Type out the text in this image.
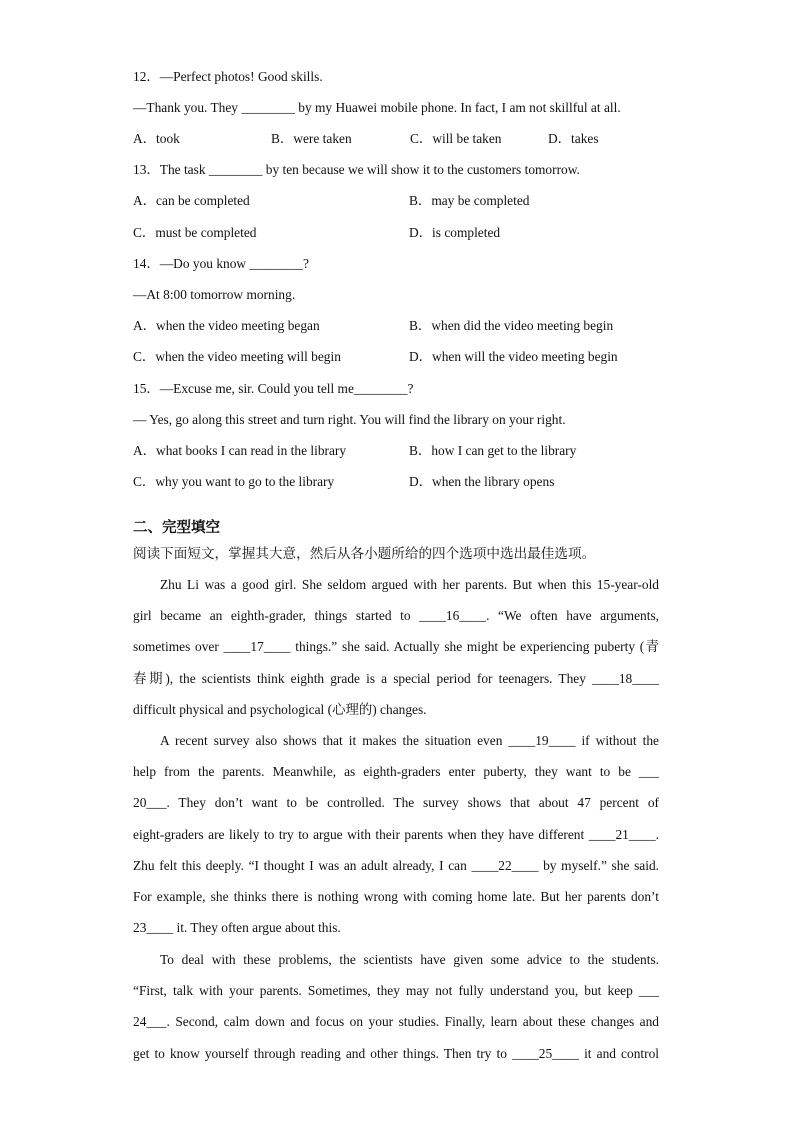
12．—Perfect photos! Good skills.
—Thank you. They ________ by my Huawei mobile phone. In fact, I am not skillful at all.
A．took	B．were taken	C．will be taken	D．takes
13．The task ________ by ten because we will show it to the customers tomorrow.
A．can be completed	B．may be completed
C．must be completed	D．is completed
14．—Do you know ________?
—At 8:00 tomorrow morning.
A．when the video meeting began	B．when did the video meeting begin
C．when the video meeting will begin	D．when will the video meeting begin
15．—Excuse me, sir. Could you tell me________?
— Yes, go along this street and turn right. You will find the library on your right.
A．what books I can read in the library	B．how I can get to the library
C．why you want to go to the library	D．when the library opens
二、完型填空
阅读下面短文，掌握其大意，然后从各小题所给的四个选项中选出最佳选项。
Zhu Li was a good girl. She seldom argued with her parents. But when this 15-year-old
girl became an eighth-grader, things started to ____16____. “We often have arguments,
sometimes over ____17____ things.” she said. Actually she might be experiencing puberty (青
春期), the scientists think eighth grade is a special period for teenagers. They ____18____
difficult physical and psychological (心理的) changes.
A recent survey also shows that it makes the situation even ____19____ if without the
help from the parents. Meanwhile, as eighth-graders enter puberty, they want to be ___
20___. They don’t want to be controlled. The survey shows that about 47 percent of
eight-graders are likely to try to argue with their parents when they have different ____21____.
Zhu felt this deeply. “I thought I was an adult already, I can ____22____ by myself.” she said.
For example, she thinks there is nothing wrong with coming home late. But her parents don’t
23____ it. They often argue about this.
To deal with these problems, the scientists have given some advice to the students.
“First, talk with your parents. Sometimes, they may not fully understand you, but keep ___
24___. Second, calm down and focus on your studies. Finally, learn about these changes and
get to know yourself through reading and other things. Then try to ____25____ it and control
